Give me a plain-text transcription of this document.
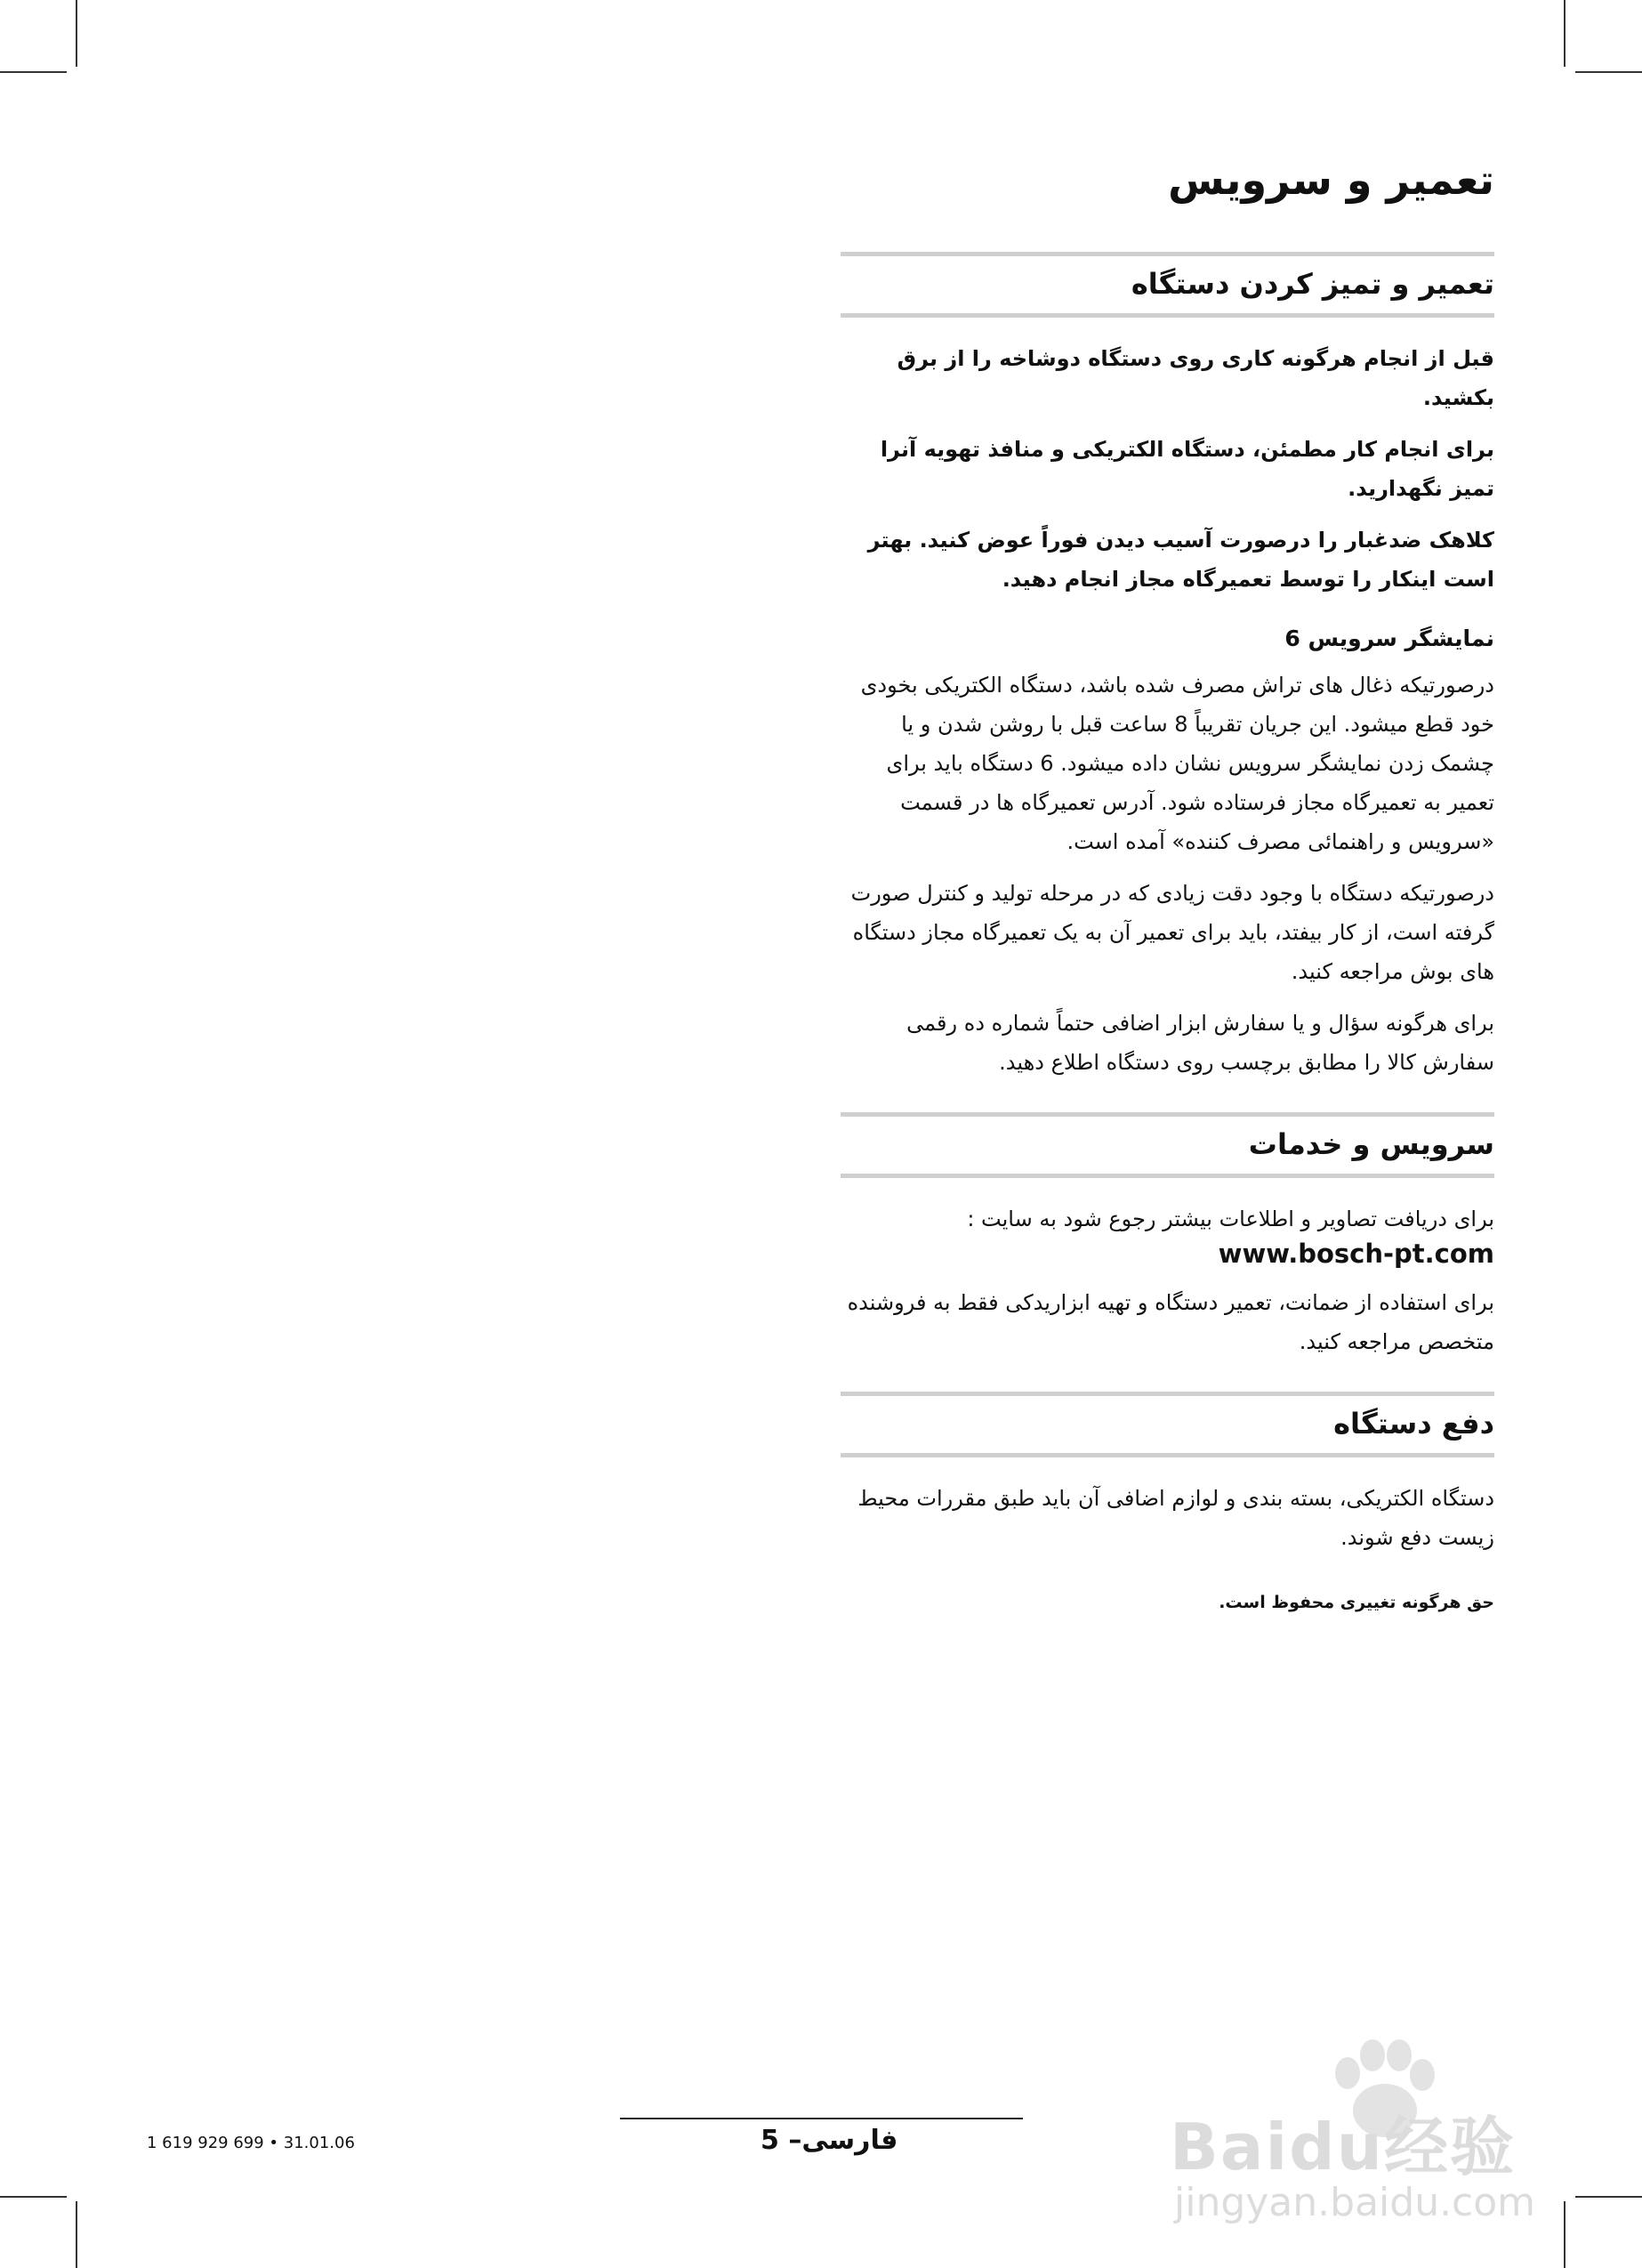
تعمیر و سرویس
تعمیر و تمیز کردن دستگاه

قبل از انجام هرگونه کاری روی دستگاه دوشاخه را از برق بکشید.

برای انجام کار مطمئن، دستگاه الکتریکی و منافذ تهویه آنرا تمیز نگهدارید.

کلاهک ضدغبار را درصورت آسیب دیدن فوراً عوض کنید. بهتر است اینکار را توسط تعمیرگاه مجاز انجام دهید.

نمایشگر سرویس 6

درصورتیکه ذغال های تراش مصرف شده باشد، دستگاه الکتریکی بخودی خود قطع میشود. این جریان تقریباً 8 ساعت قبل با روشن شدن و یا چشمک زدن نمایشگر سرویس نشان داده میشود. 6 دستگاه باید برای تعمیر به تعمیرگاه مجاز فرستاده شود. آدرس تعمیرگاه ها در قسمت «سرویس و راهنمائی مصرف کننده» آمده است.

درصورتیکه دستگاه با وجود دقت زیادی که در مرحله تولید و کنترل صورت گرفته است، از کار بیفتد، باید برای تعمیر آن به یک تعمیرگاه مجاز دستگاه های بوش مراجعه کنید.

برای هرگونه سؤال و یا سفارش ابزار اضافی حتماً شماره ده رقمی سفارش کالا را مطابق برچسب روی دستگاه اطلاع دهید.

سرویس و خدمات

برای دریافت تصاویر و اطلاعات بیشتر رجوع شود به سایت :

www.bosch-pt.com

برای استفاده از ضمانت، تعمیر دستگاه و تهیه ابزاریدکی فقط به فروشنده متخصص مراجعه کنید.

دفع دستگاه

دستگاه الکتریکی، بسته بندی و لوازم اضافی آن باید طبق مقررات محیط زیست دفع شوند.

حق هرگونه تغییری محفوظ است.
فارسی– 5
1 619 929 699 • 31.01.06	Baidu经验
jingyan.baidu.com
